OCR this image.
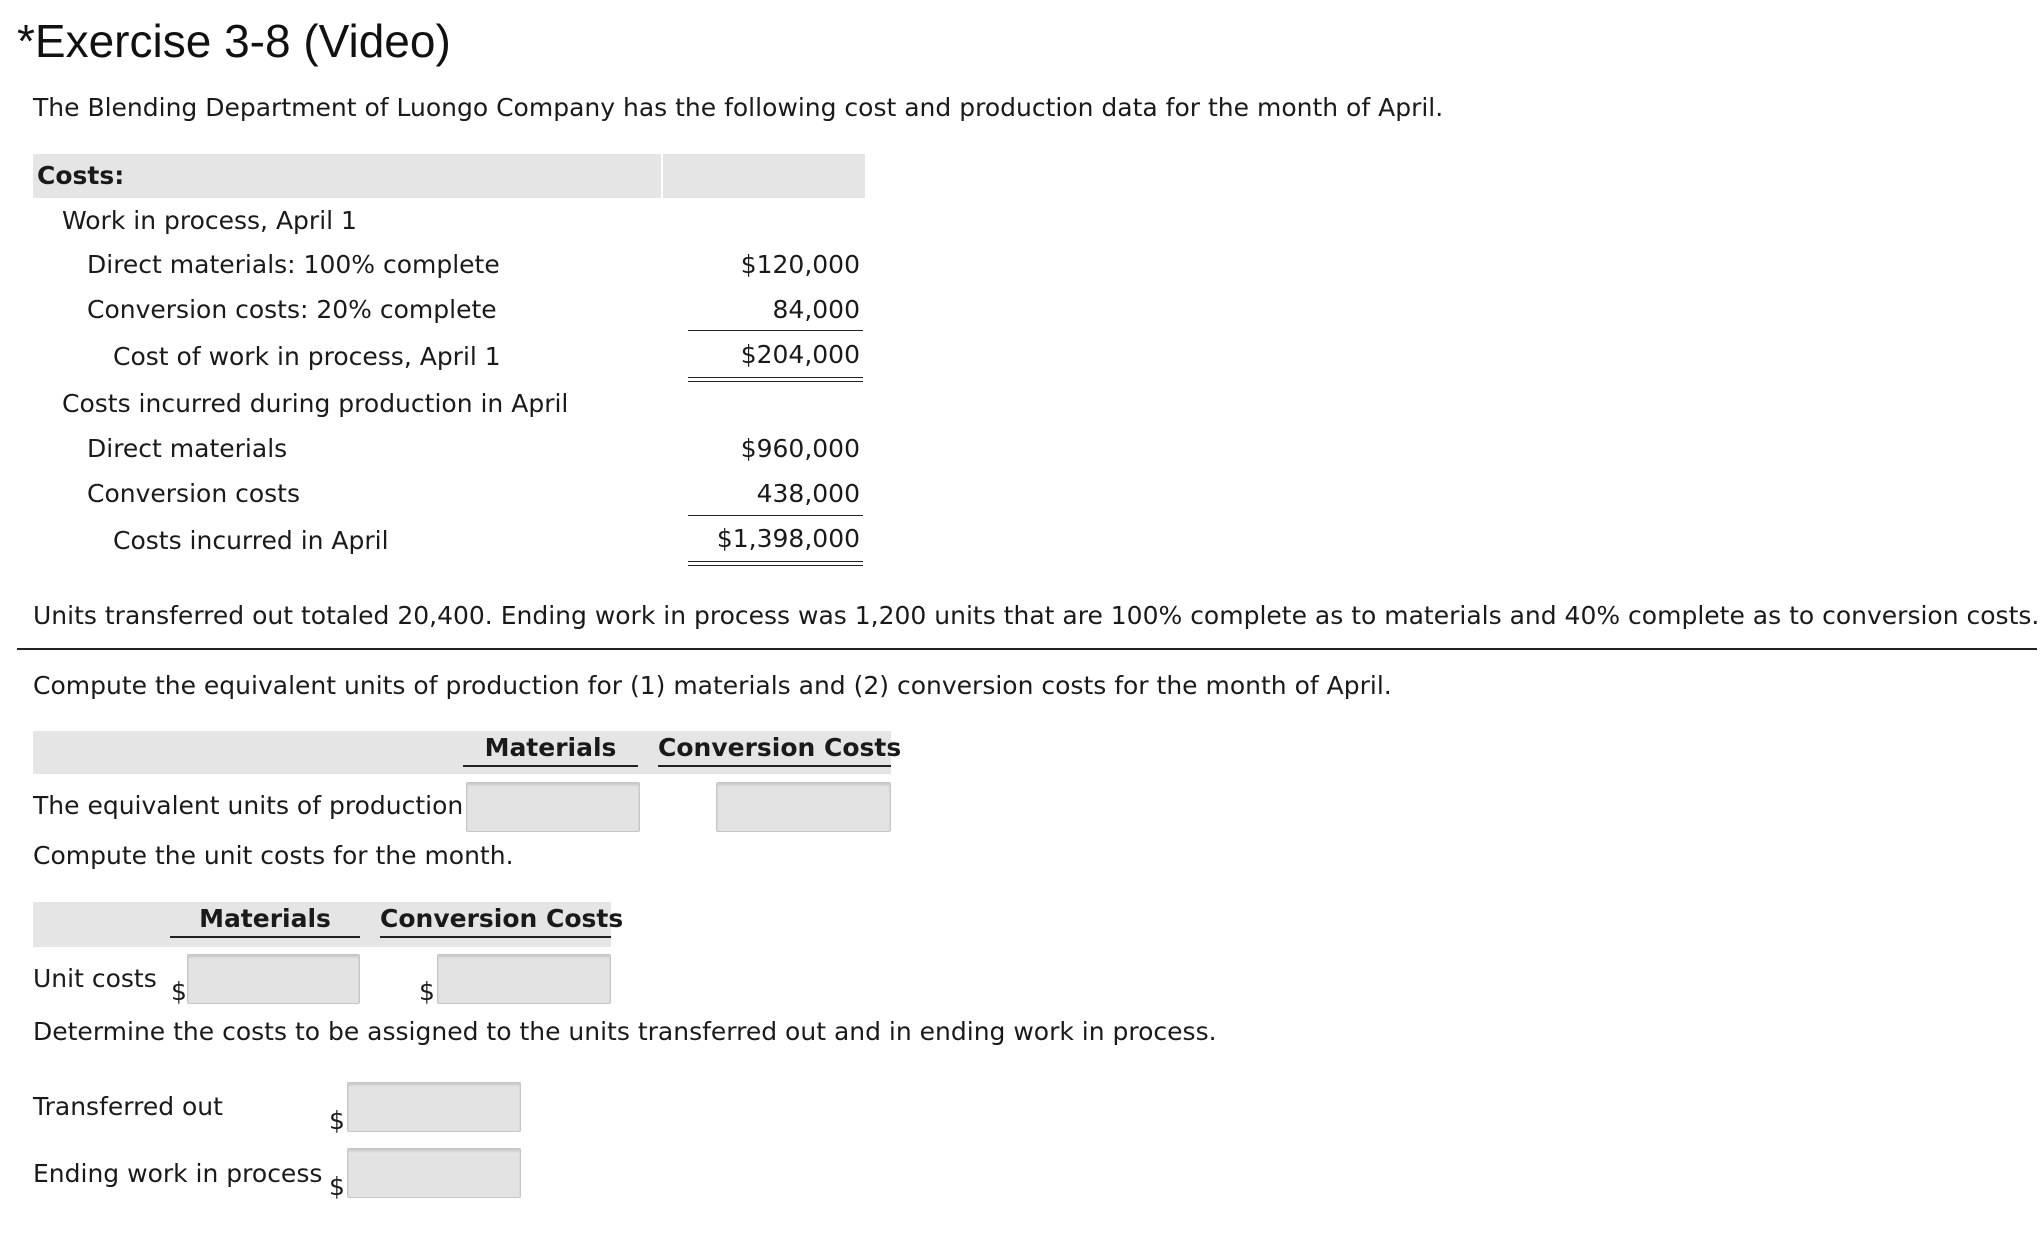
*Exercise 3-8 (Video)
The Blending Department of Luongo Company has the following cost and production data for the month of April.
Costs:
Work in process, April 1
Direct materials: 100% complete	$120,000
Conversion costs: 20% complete	84,000
Cost of work in process, April 1	$204,000
Costs incurred during production in April
Direct materials	$960,000
Conversion costs	438,000
Costs incurred in April	$1,398,000
Units transferred out totaled 20,400. Ending work in process was 1,200 units that are 100% complete as to materials and 40% complete as to conversion costs.
Compute the equivalent units of production for (1) materials and (2) conversion costs for the month of April.
Materials	Conversion Costs
The equivalent units of production
Compute the unit costs for the month.
Materials	Conversion Costs
Unit costs $	$
Determine the costs to be assigned to the units transferred out and in ending work in process.
Transferred out	$
Ending work in process $
